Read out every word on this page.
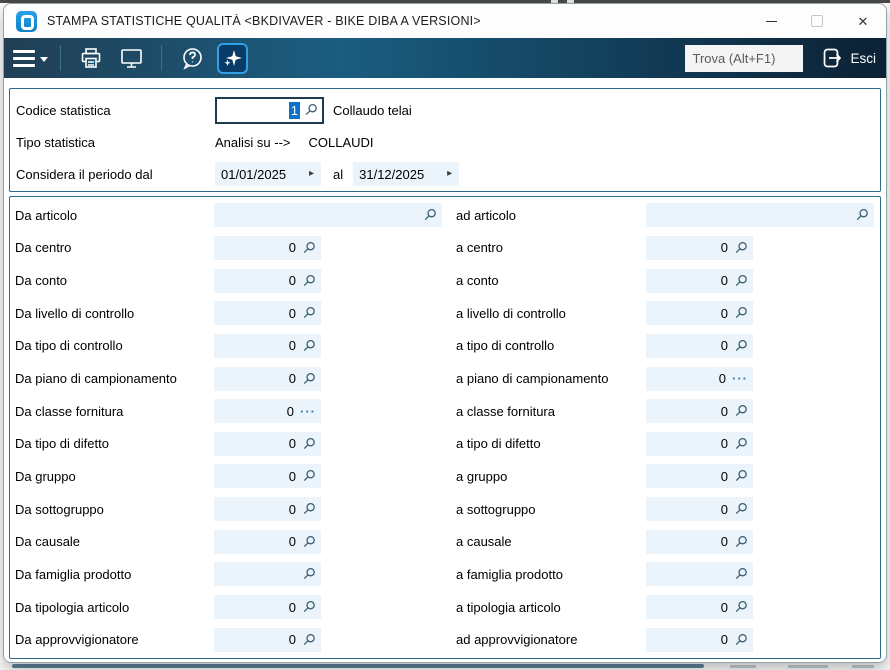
STAMPA STATISTICHE QUALITÀ <BKDIVAVER - BIKE DIBA A VERSIONI>	✕
Trova (Alt+F1)
Esci
Codice statistica	1	Collaudo telai
Tipo statistica	Analisi su --> COLLAUDI
Considera il periodo dal	01/01/2025 ▸ al 31/12/2025 ▸
Da articolo	ad articolo
Da centro	0	a centro	0
Da conto	0	a conto	0
Da livello di controllo	0	a livello di controllo	0
Da tipo di controllo	0	a tipo di controllo	0
Da piano di campionamento	0	a piano di campionamento	0 ···
Da classe fornitura	0 ···	a classe fornitura	0
Da tipo di difetto	0	a tipo di difetto	0
Da gruppo	0	a gruppo	0
Da sottogruppo	0	a sottogruppo	0
Da causale	0	a causale	0
Da famiglia prodotto	a famiglia prodotto
Da tipologia articolo	0	a tipologia articolo	0
Da approvvigionatore	0	ad approvvigionatore	0
